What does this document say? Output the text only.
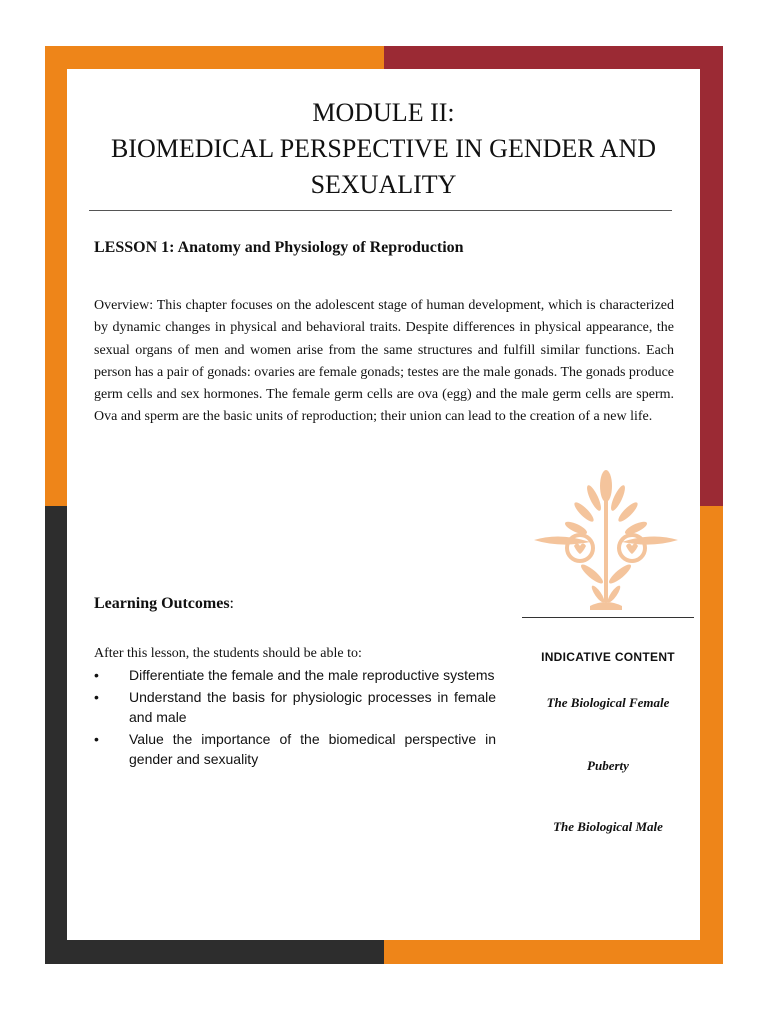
MODULE II:
BIOMEDICAL PERSPECTIVE IN GENDER AND
SEXUALITY
LESSON 1: Anatomy and Physiology of Reproduction
Overview: This chapter focuses on the adolescent stage of human development, which is characterized by dynamic changes in physical and behavioral traits. Despite differences in physical appearance, the sexual organs of men and women arise from the same structures and fulfill similar functions. Each person has a pair of gonads: ovaries are female gonads; testes are the male gonads. The gonads produce germ cells and sex hormones. The female germ cells are ova (egg) and the male germ cells are sperm. Ova and sperm are the basic units of reproduction; their union can lead to the creation of a new life.
Learning Outcomes:
After this lesson, the students should be able to:
• Differentiate the female and the male reproductive systems
• Understand the basis for physiologic processes in female and male
• Value the importance of the biomedical perspective in gender and sexuality
INDICATIVE CONTENT
The Biological Female
Puberty
The Biological Male
